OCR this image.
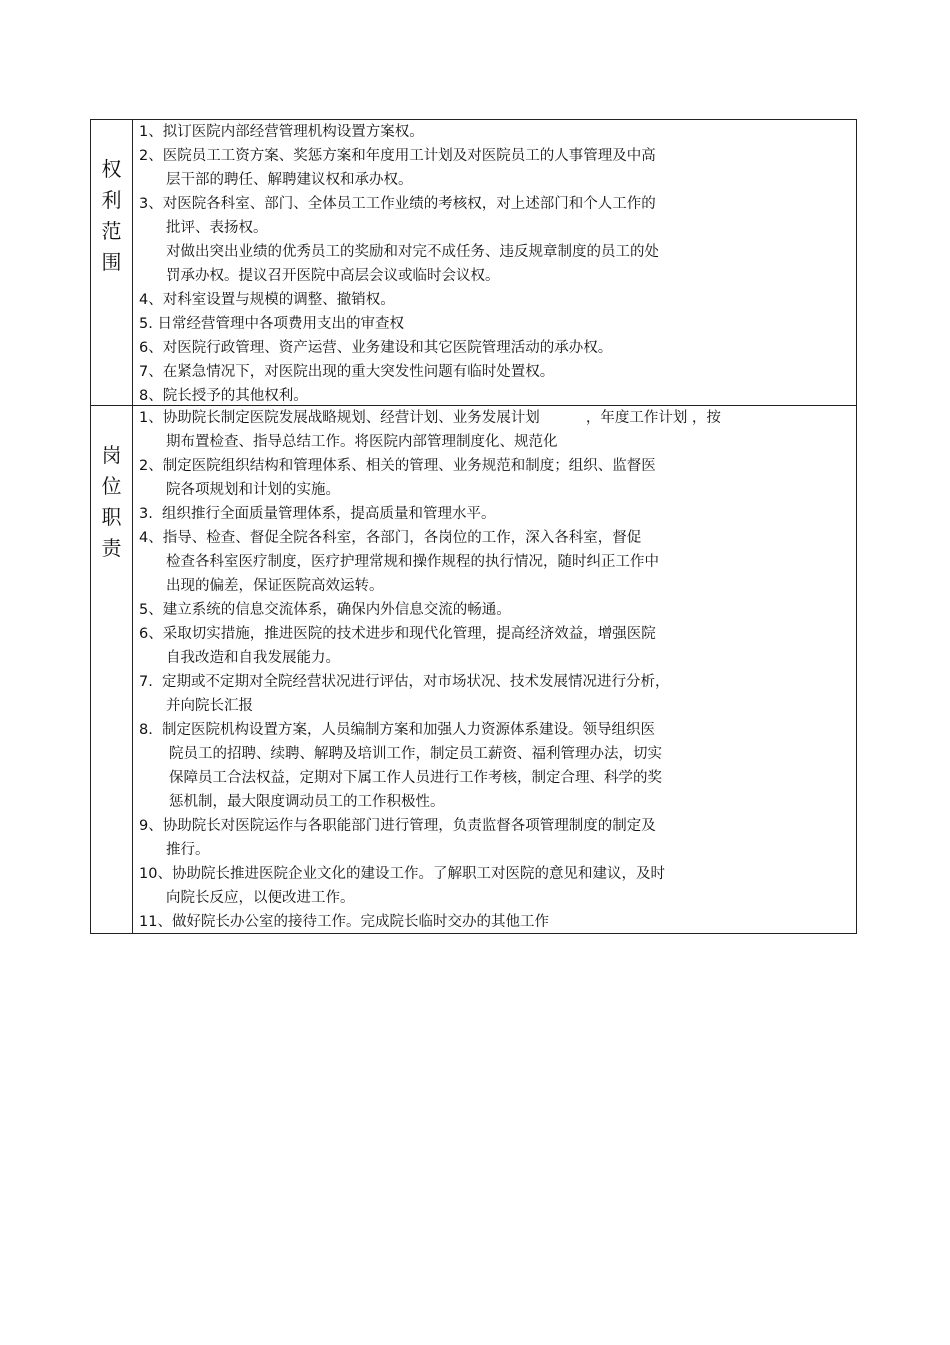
权
利
范
围
1、拟订医院内部经营管理机构设置方案权。
2、医院员工工资方案、奖惩方案和年度用工计划及对医院员工的人事管理及中高
层干部的聘任、解聘建议权和承办权。
3、对医院各科室、部门、全体员工工作业绩的考核权，对上述部门和个人工作的
批评、表扬权。
对做出突出业绩的优秀员工的奖励和对完不成任务、违反规章制度的员工的处
罚承办权。提议召开医院中高层会议或临时会议权。
4、对科室设置与规模的调整、撤销权。
5. 日常经营管理中各项费用支出的审查权
6、对医院行政管理、资产运营、业务建设和其它医院管理活动的承办权。
7、在紧急情况下，对医院出现的重大突发性问题有临时处置权。
8、院长授予的其他权利。
岗
位
职
责
1、协助院长制定医院发展战略规划、经营计划、业务发展计划          ，年度工作计划 ，按
期布置检查、指导总结工作。将医院内部管理制度化、规范化
2、制定医院组织结构和管理体系、相关的管理、业务规范和制度；组织、监督医
院各项规划和计划的实施。
3.  组织推行全面质量管理体系，提高质量和管理水平。
4、指导、检查、督促全院各科室，各部门，各岗位的工作，深入各科室，督促
检查各科室医疗制度，医疗护理常规和操作规程的执行情况，随时纠正工作中
出现的偏差，保证医院高效运转。
5、建立系统的信息交流体系，确保内外信息交流的畅通。
6、采取切实措施，推进医院的技术进步和现代化管理，提高经济效益，增强医院
自我改造和自我发展能力。
7.  定期或不定期对全院经营状况进行评估，对市场状况、技术发展情况进行分析，
并向院长汇报
8.  制定医院机构设置方案，人员编制方案和加强人力资源体系建设。领导组织医
院员工的招聘、续聘、解聘及培训工作，制定员工薪资、福利管理办法，切实
保障员工合法权益，定期对下属工作人员进行工作考核，制定合理、科学的奖
惩机制，最大限度调动员工的工作积极性。
9、协助院长对医院运作与各职能部门进行管理，负责监督各项管理制度的制定及
推行。
10、协助院长推进医院企业文化的建设工作。了解职工对医院的意见和建议，及时
向院长反应，以便改进工作。
11、做好院长办公室的接待工作。完成院长临时交办的其他工作
